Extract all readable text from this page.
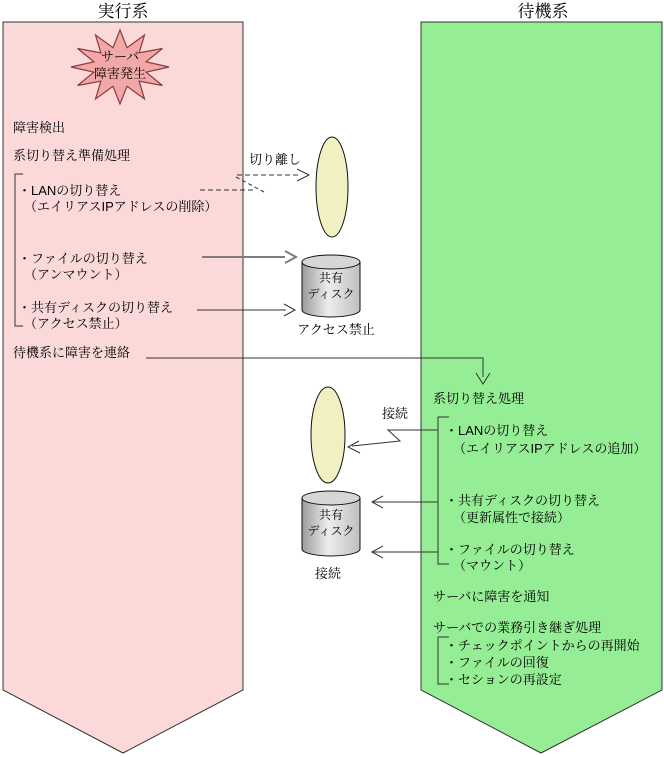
実行系	待機系
サーバ
障害発生
障害検出
系切り替え準備処理
・LANの切り替え
（エイリアスIPアドレスの削除）
・ファイルの切り替え
（アンマウント）
・共有ディスクの切り替え
（アクセス禁止）
待機系に障害を連絡
切り離し
共有
ディスク
アクセス禁止
接続
共有
ディスク
接続
系切り替え処理
・LANの切り替え
（エイリアスIPアドレスの追加）
・共有ディスクの切り替え
（更新属性で接続）
・ファイルの切り替え
（マウント）
サーバに障害を通知
サーバでの業務引き継ぎ処理
・チェックポイントからの再開始
・ファイルの回復
・セションの再設定
